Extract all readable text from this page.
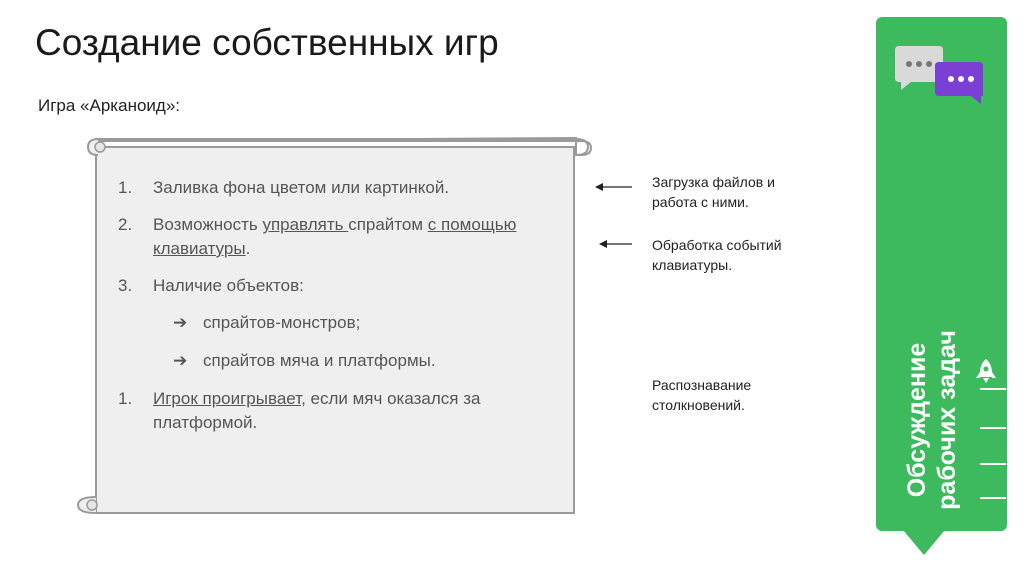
Создание собственных игр
Игра «Арканоид»:
1. Заливка фона цветом или картинкой.
2. Возможность управлять спрайтом с помощью клавиатуры.
3. Наличие объектов:
➔ спрайтов-монстров;
➔ спрайтов мяча и платформы.
1. Игрок проигрывает, если мяч оказался за платформой.
Загрузка файлов и работа с ними.
Обработка событий клавиатуры.
Распознавание столкновений.	Обсуждение рабочих задач
